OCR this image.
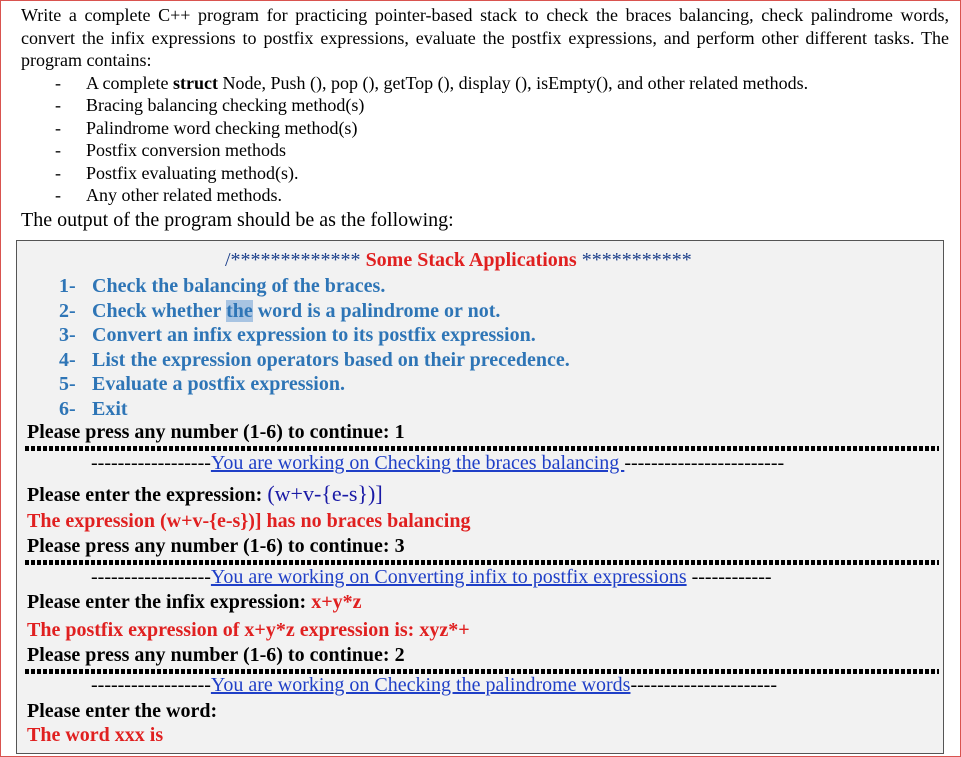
Write a complete C++ program for practicing pointer-based stack to check the braces balancing, check palindrome words, convert the infix expressions to postfix expressions, evaluate the postfix expressions, and perform other different tasks. The program contains:

- A complete struct Node, Push (), pop (), getTop (), display (), isEmpty(), and other related methods.
- Bracing balancing checking method(s)
- Palindrome word checking method(s)
- Postfix conversion methods
- Postfix evaluating method(s).
- Any other related methods.

The output of the program should be as the following:

/************* Some Stack Applications ***********
1- Check the balancing of the braces.
2- Check whether the word is a palindrome or not.
3- Convert an infix expression to its postfix expression.
4- List the expression operators based on their precedence.
5- Evaluate a postfix expression.
6- Exit
Please press any number (1-6) to continue: 1
------------------You are working on Checking the braces balancing ------------------------
Please enter the expression: (w+v-{e-s})]
The expression (w+v-{e-s})] has no braces balancing
Please press any number (1-6) to continue: 3
------------------You are working on Converting infix to postfix expressions ------------
Please enter the infix expression: x+y*z
The postfix expression of x+y*z expression is: xyz*+
Please press any number (1-6) to continue: 2
------------------You are working on Checking the palindrome words----------------------
Please enter the word:
The word xxx is
